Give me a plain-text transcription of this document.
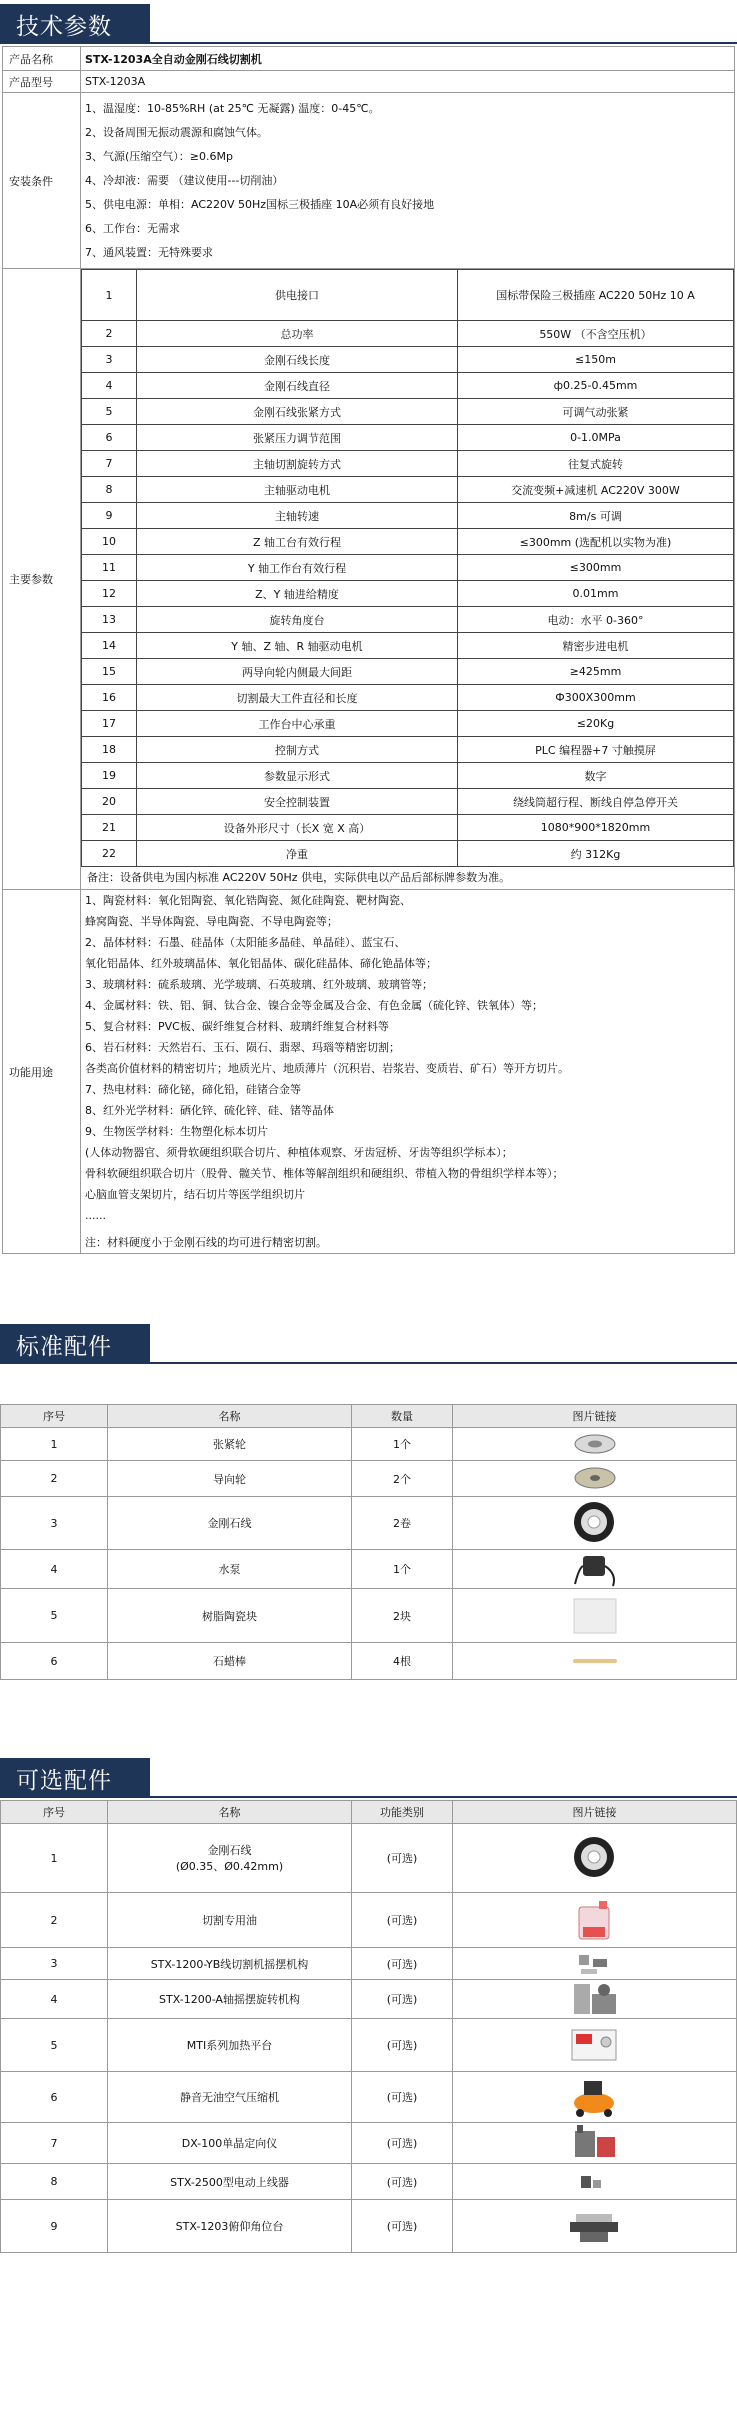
技术参数
产品名称	STX-1203A全自动金刚石线切割机
产品型号	STX-1203A
安装条件	
1、温湿度：10-85%RH (at 25℃ 无凝露) 温度：0-45℃。
2、设备周围无振动震源和腐蚀气体。
3、气源(压缩空气）：≥0.6Mp
4、冷却液：需要 （建议使用---切削油）
5、供电电源：单相：AC220V 50Hz国标三极插座 10A必须有良好接地
6、工作台：无需求
7、通风装置：无特殊要求

主要参数	
1	供电接口	国标带保险三极插座 AC220 50Hz 10 A
2	总功率	550W （不含空压机）
3	金刚石线长度	≤150m
4	金刚石线直径	ф0.25-0.45mm
5	金刚石线张紧方式	可调气动张紧
6	张紧压力调节范围	0-1.0MPa
7	主轴切割旋转方式	往复式旋转
8	主轴驱动电机	交流变频+减速机 AC220V 300W
9	主轴转速	8m/s 可调
10	Z 轴工台有效行程	≤300mm (选配机以实物为准)
11	Y 轴工作台有效行程	≤300mm
12	Z、Y 轴进给精度	0.01mm
13	旋转角度台	电动：水平 0-360°
14	Y 轴、Z 轴、R 轴驱动电机	精密步进电机
15	两导向轮内侧最大间距	≥425mm
16	切割最大工件直径和长度	Ф300X300mm
17	工作台中心承重	≤20Kg
18	控制方式	PLC 编程器+7 寸触摸屏
19	参数显示形式	数字
20	安全控制装置	绕线筒超行程、断线自停急停开关
21	设备外形尺寸（长X 宽 X 高）	1080*900*1820mm
22	净重	约 312Kg
备注：设备供电为国内标准 AC220V 50Hz 供电，实际供电以产品后部标牌参数为准。

功能用途	
1、陶瓷材料：氧化铝陶瓷、氧化锆陶瓷、氮化硅陶瓷、靶材陶瓷、
蜂窝陶瓷、半导体陶瓷、导电陶瓷、不导电陶瓷等；
2、晶体材料：石墨、硅晶体（太阳能多晶硅、单晶硅）、蓝宝石、
氧化铝晶体、红外玻璃晶体、氧化铝晶体、碳化硅晶体、碲化铯晶体等；
3、玻璃材料：硫系玻璃、光学玻璃、石英玻璃、红外玻璃、玻璃管等；
4、金属材料：铁、铝、铜、钛合金、镍合金等金属及合金、有色金属（硫化锌、铁氧体）等；
5、复合材料：PVC板、碳纤维复合材料、玻璃纤维复合材料等
6、岩石材料：天然岩石、玉石、陨石、翡翠、玛瑙等精密切割；
各类高价值材料的精密切片；地质光片、地质薄片（沉积岩、岩浆岩、变质岩、矿石）等开方切片。
7、热电材料：碲化铋，碲化铅，硅锗合金等
8、红外光学材料：硒化锌、硫化锌、硅、锗等晶体
9、生物医学材料：生物塑化标本切片
(人体动物器官、须骨软硬组织联合切片、种植体观察、牙齿冠桥、牙齿等组织学标本）；
骨科软硬组织联合切片（股骨、髋关节、椎体等解剖组织和硬组织、带植入物的骨组织学样本等）；
心脑血管支架切片，结石切片等医学组织切片
......
注：材料硬度小于金刚石线的均可进行精密切割。
标准配件
序号	名称	数量	图片链接
1	张紧轮	1个	

2	导向轮	2个	

3	金刚石线	2卷	

4	水泵	1个	

5	树脂陶瓷块	2块	

6	石蜡棒	4根	
可选配件
序号	名称	功能类别	图片链接
1	金刚石线
(Ø0.35、Ø0.42mm)	(可选)	

2	切割专用油	(可选)	

3	STX-1200-YB线切割机摇摆机构	(可选)	

4	STX-1200-A轴摇摆旋转机构	(可选)	

5	MTI系列加热平台	(可选)	

6	静音无油空气压缩机	(可选)	

7	DX-100单晶定向仪	(可选)	

8	STX-2500型电动上线器	(可选)	

9	STX-1203俯仰角位台	(可选)	
